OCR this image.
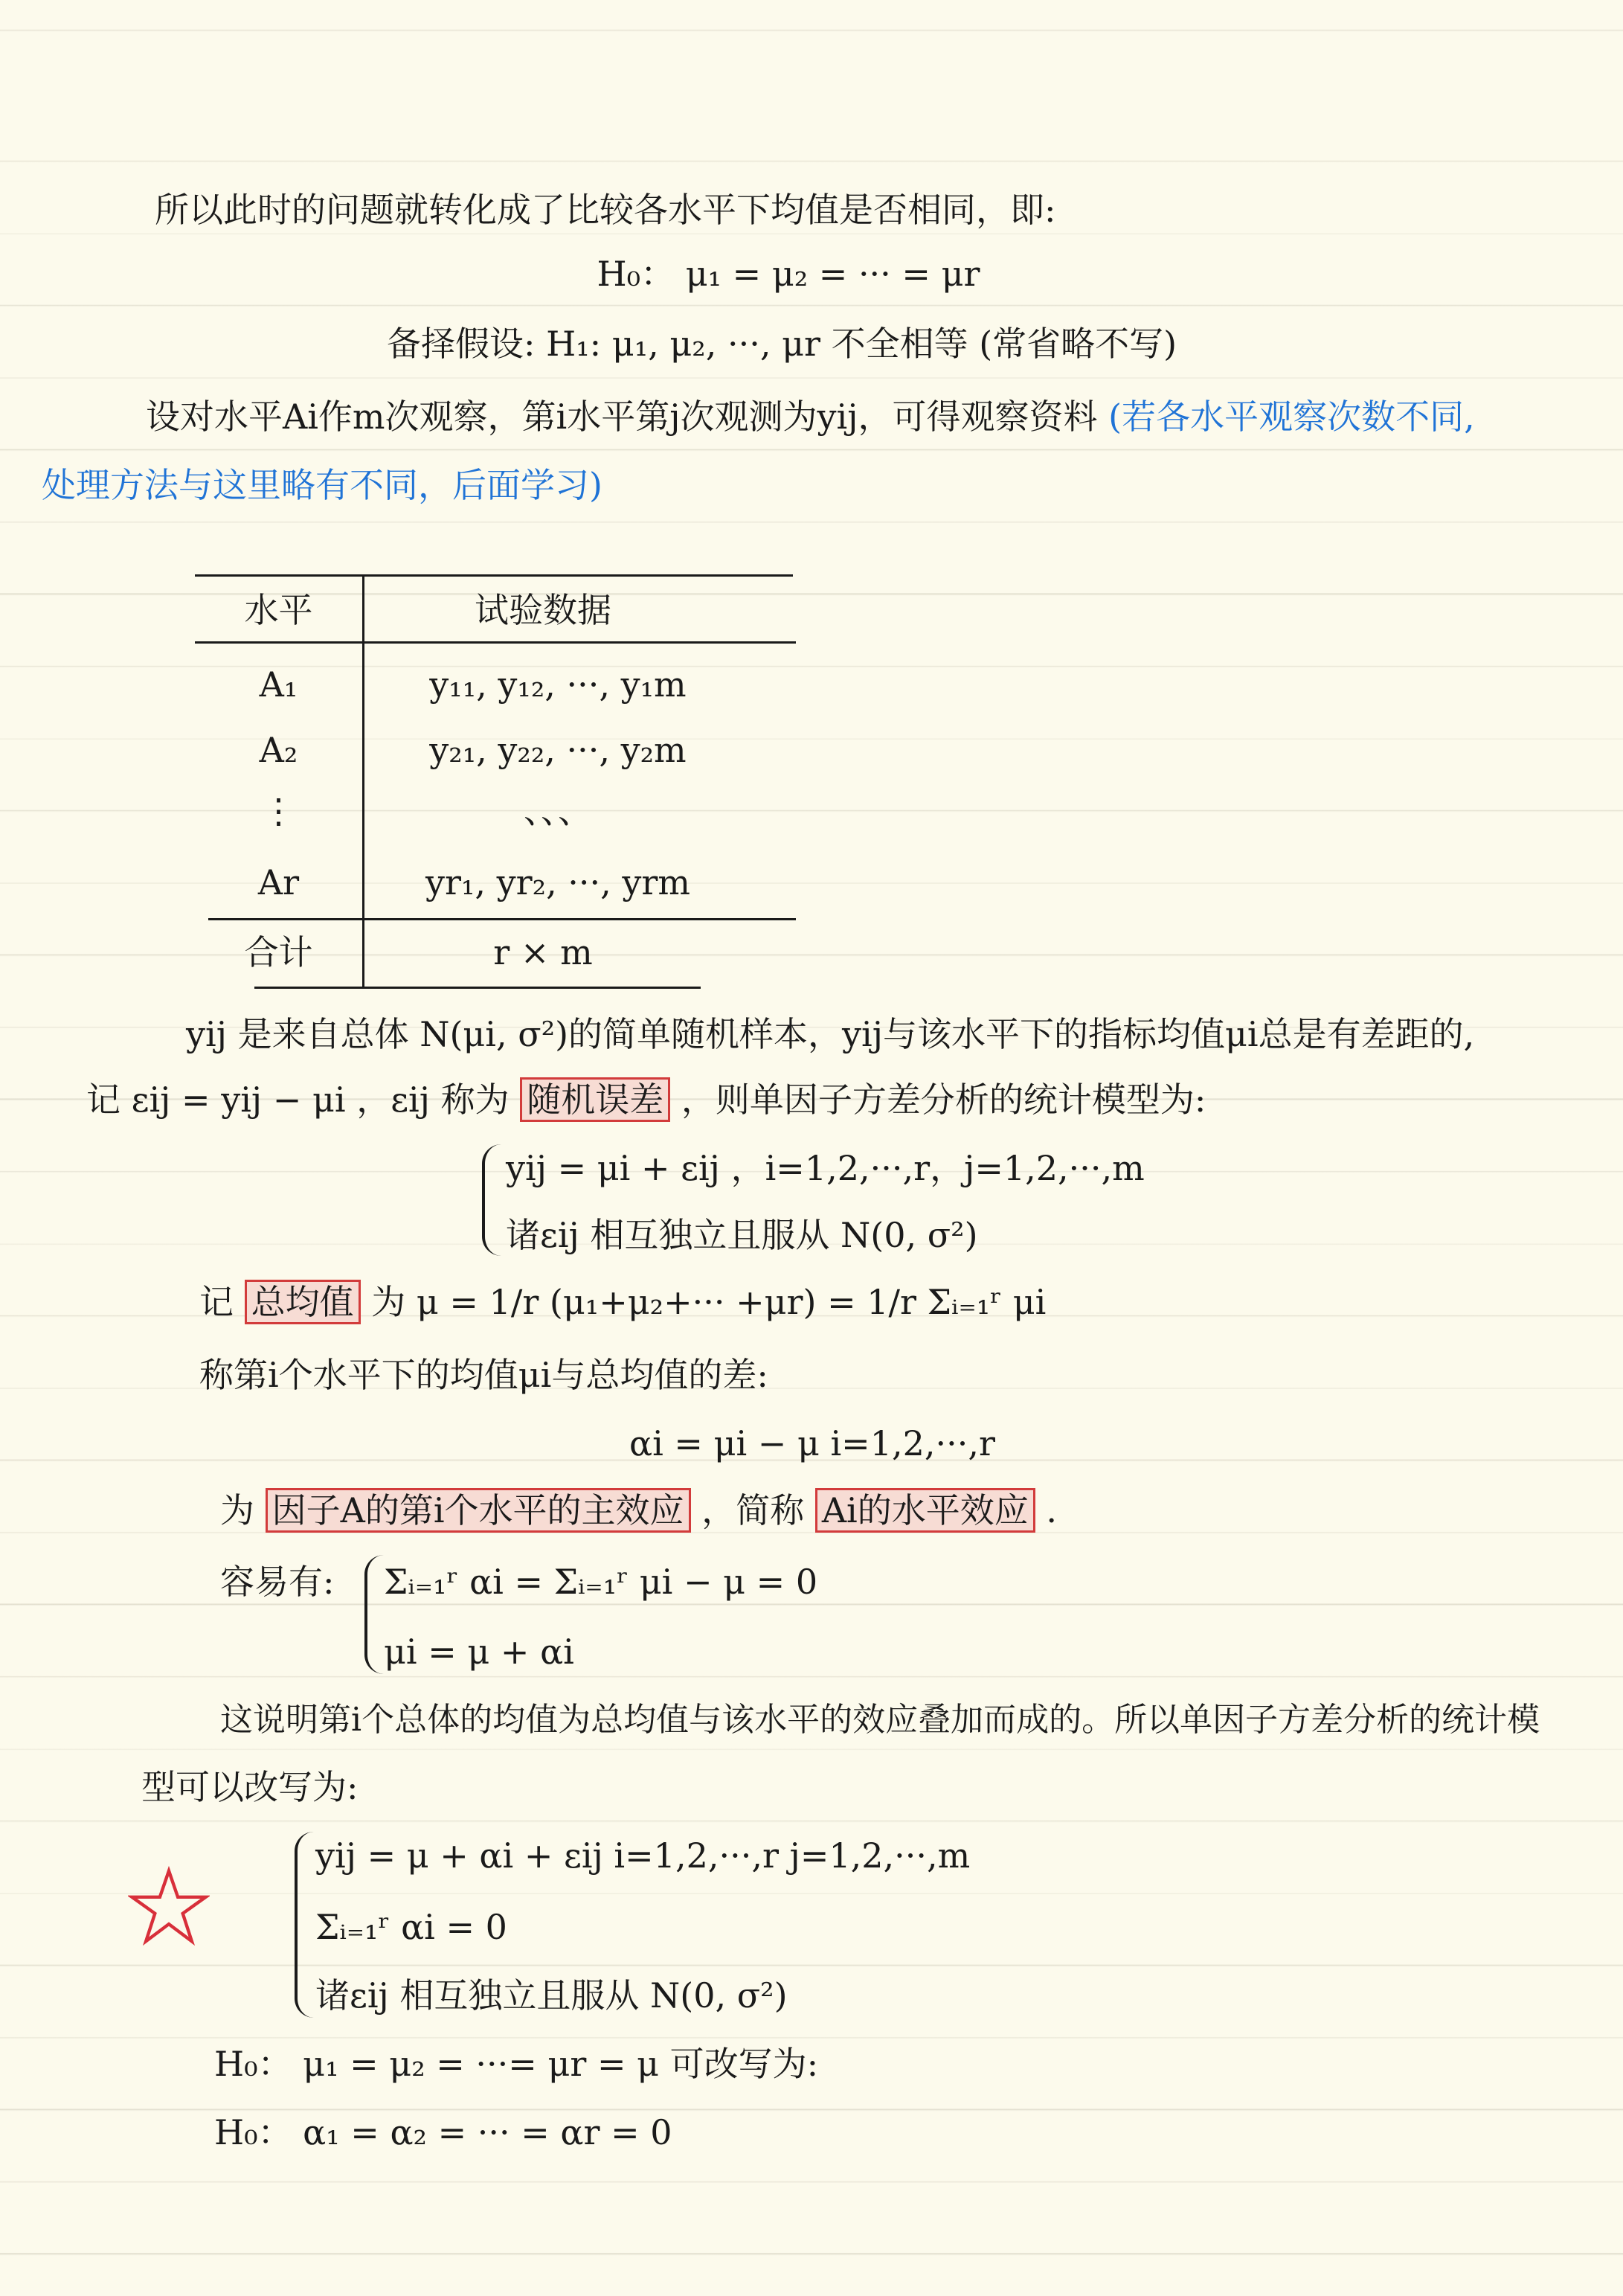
所以此时的问题就转化成了比较各水平下均值是否相同，即:
H₀： μ₁ = μ₂ = ··· = μr
备择假设: H₁: μ₁, μ₂, ···, μr 不全相等 (常省略不写)
设对水平Ai作m次观察，第i水平第j次观测为yij，可得观察资料 (若各水平观察次数不同,
处理方法与这里略有不同，后面学习)
水平	试验数据
A₁	y₁₁, y₁₂, ···, y₁m
A₂	y₂₁, y₂₂, ···, y₂m
⋮	、、、
Ar	yr₁, yr₂, ···, yrm
合计	r × m
yij 是来自总体 N(μi, σ²)的简单随机样本，yij与该水平下的指标均值μi总是有差距的,
记 εij = yij − μi ，εij 称为 随机误差 ，则单因子方差分析的统计模型为:
yij = μi + εij ，i=1,2,···,r，j=1,2,···,m
诸εij 相互独立且服从 N(0, σ²)
记 总均值 为 μ = 1/r (μ₁+μ₂+··· +μr) = 1/r Σᵢ₌₁ʳ μi
称第i个水平下的均值μi与总均值的差:
αi = μi − μ i=1,2,···,r
为 因子A的第i个水平的主效应 ，简称 Ai的水平效应 .
容易有: Σᵢ₌₁ʳ αi = Σᵢ₌₁ʳ μi − μ = 0
μi = μ + αi
这说明第i个总体的均值为总均值与该水平的效应叠加而成的。所以单因子方差分析的统计模
型可以改写为:
yij = μ + αi + εij i=1,2,···,r j=1,2,···,m
Σᵢ₌₁ʳ αi = 0
诸εij 相互独立且服从 N(0, σ²)
H₀： μ₁ = μ₂ = ···= μr = μ 可改写为:
H₀： α₁ = α₂ = ··· = αr = 0
